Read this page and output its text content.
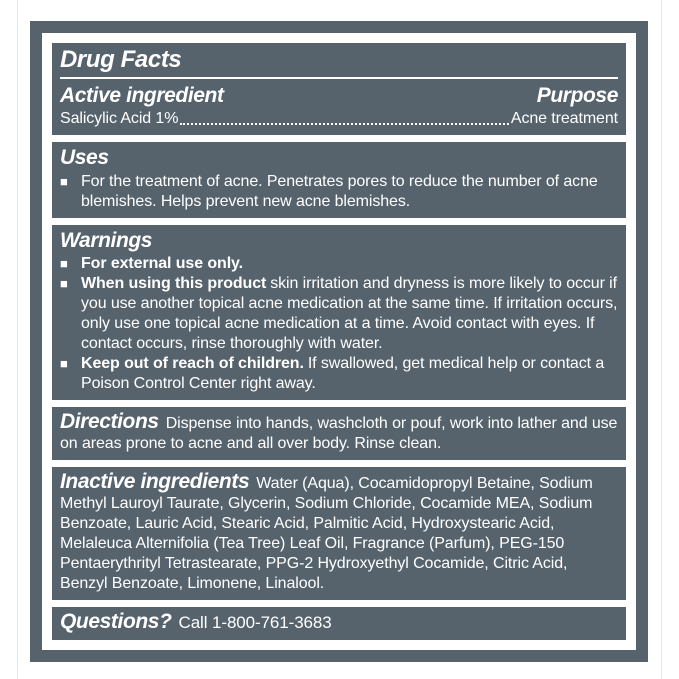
Drug Facts
Active ingredient	Purpose
Salicylic Acid 1%	Acne treatment
Uses
■ For the treatment of acne. Penetrates pores to reduce the number of acne blemishes. Helps prevent new acne blemishes.
Warnings
■ For external use only.
■ When using this product skin irritation and dryness is more likely to occur if you use another topical acne medication at the same time. If irritation occurs, only use one topical acne medication at a time. Avoid contact with eyes. If contact occurs, rinse thoroughly with water.
■ Keep out of reach of children. If swallowed, get medical help or contact a Poison Control Center right away.

Directions Dispense into hands, washcloth or pouf, work into lather and use on areas prone to acne and all over body. Rinse clean.

Inactive ingredients Water (Aqua), Cocamidopropyl Betaine, Sodium Methyl Lauroyl Taurate, Glycerin, Sodium Chloride, Cocamide MEA, Sodium Benzoate, Lauric Acid, Stearic Acid, Palmitic Acid, Hydroxystearic Acid, Melaleuca Alternifolia (Tea Tree) Leaf Oil, Fragrance (Parfum), PEG-150 Pentaerythrityl Tetrastearate, PPG-2 Hydroxyethyl Cocamide, Citric Acid, Benzyl Benzoate, Limonene, Linalool.

Questions? Call 1-800-761-3683
